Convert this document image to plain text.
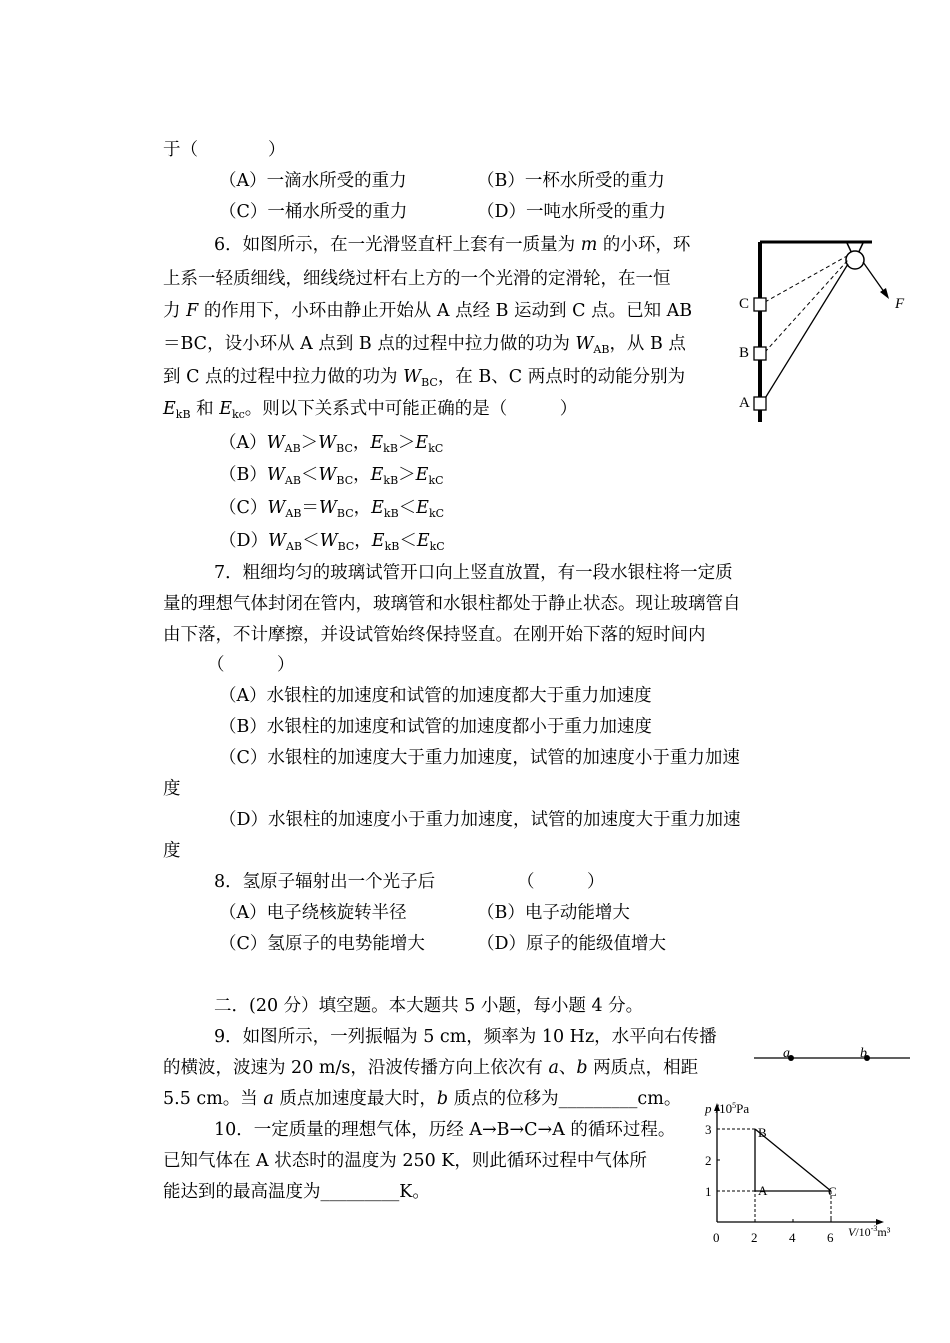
于（　　　　）
（A）一滴水所受的重力	（B）一杯水所受的重力
（C）一桶水所受的重力	（D）一吨水所受的重力
6．如图所示，在一光滑竖直杆上套有一质量为 m 的小环，环
上系一轻质细线，细线绕过杆右上方的一个光滑的定滑轮，在一恒
力 F 的作用下，小环由静止开始从 A 点经 B 运动到 C 点。已知 AB
＝BC，设小环从 A 点到 B 点的过程中拉力做的功为 $W_{AB}$，从 B 点
到 C 点的过程中拉力做的功为 $W_{BC}$，在 B、C 两点时的动能分别为
$E_{kB}$ 和 $E_{kc}$。则以下关系式中可能正确的是（　　　）
$(A)W_{AB}>W_{BC}$，$E_{kB}>E_{kC}$
$(B)W_{AB}<W_{BC}$，$E_{kB}>E_{kC}$
$(C)W_{AB}=W_{BC}$，$E_{kB}<E_{kC}$
$(D)W_{AB}<W_{BC}$，$E_{kB}<E_{kC}$
C
B
A
F
7．粗细均匀的玻璃试管开口向上竖直放置，有一段水银柱将一定质
量的理想气体封闭在管内，玻璃管和水银柱都处于静止状态。现让玻璃管自
由下落，不计摩擦，并设试管始终保持竖直。在刚开始下落的短时间内
（　　　）
（A）水银柱的加速度和试管的加速度都大于重力加速度
（B）水银柱的加速度和试管的加速度都小于重力加速度
（C）水银柱的加速度大于重力加速度，试管的加速度小于重力加速
度
（D）水银柱的加速度小于重力加速度，试管的加速度大于重力加速
度
8．氢原子辐射出一个光子后	（　　　）
（A）电子绕核旋转半径	（B）电子动能增大
（C）氢原子的电势能增大	（D）原子的能级值增大
二．(20 分）填空题。本大题共 5 小题，每小题 4 分。
9．如图所示，一列振幅为 5 cm，频率为 10 Hz，水平向右传播
的横波，波速为 20 m/s，沿波传播方向上依次有 a、b 两质点，相距
5.5 cm。当 a 质点加速度最大时，b 质点的位移为_________cm。
a	b
10．一定质量的理想气体，历经 A→B→C→A 的循环过程。
已知气体在 A 状态时的温度为 250 K，则此循环过程中气体所
能达到的最高温度为_________K。
p $/10^5Pa$
$V/10^{-3}m^3$
0 2 4 6
1
2
3
A
B
C
